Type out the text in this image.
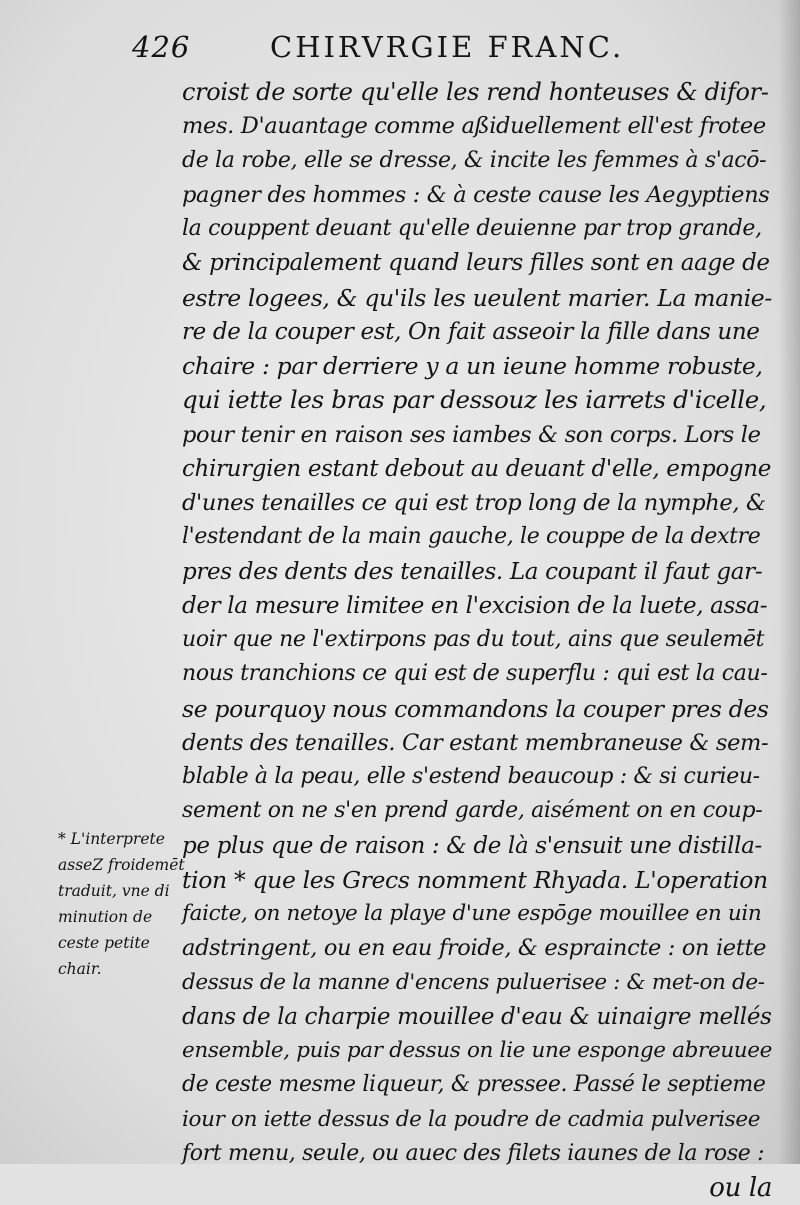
426	CHIRVRGIE FRANC.
croist de sorte qu'elle les rend honteuses & difor-
mes. D'auantage comme aßiduellement ell'est frotee
de la robe, elle se dresse, & incite les femmes à s'acō-
pagner des hommes : & à ceste cause les Aegyptiens
la couppent deuant qu'elle deuienne par trop grande,
& principalement quand leurs filles sont en aage de
estre logees, & qu'ils les ueulent marier. La manie-
re de la couper est, On fait asseoir la fille dans une
chaire : par derriere y a un ieune homme robuste,
qui iette les bras par dessouz les iarrets d'icelle,
pour tenir en raison ses iambes & son corps. Lors le
chirurgien estant debout au deuant d'elle, empogne
d'unes tenailles ce qui est trop long de la nymphe, &
l'estendant de la main gauche, le couppe de la dextre
pres des dents des tenailles. La coupant il faut gar-
der la mesure limitee en l'excision de la luete, assa-
uoir que ne l'extirpons pas du tout, ains que seulemēt
nous tranchions ce qui est de superflu : qui est la cau-
se pourquoy nous commandons la couper pres des
dents des tenailles. Car estant membraneuse & sem-
blable à la peau, elle s'estend beaucoup : & si curieu-
sement on ne s'en prend garde, aisément on en coup-
pe plus que de raison : & de là s'ensuit une distilla-
tion * que les Grecs nomment Rhyada. L'operation
faicte, on netoye la playe d'une espōge mouillee en uin
adstringent, ou en eau froide, & espraincte : on iette
dessus de la manne d'encens puluerisee : & met-on de-
dans de la charpie mouillee d'eau & uinaigre mellés
ensemble, puis par dessus on lie une esponge abreuuee
de ceste mesme liqueur, & pressee. Passé le septieme
iour on iette dessus de la poudre de cadmia pulverisee
fort menu, seule, ou auec des filets iaunes de la rose :
ou la
* L'interprete
asseZ froidemēt
traduit, vne di
minution de
ceste petite
chair.
